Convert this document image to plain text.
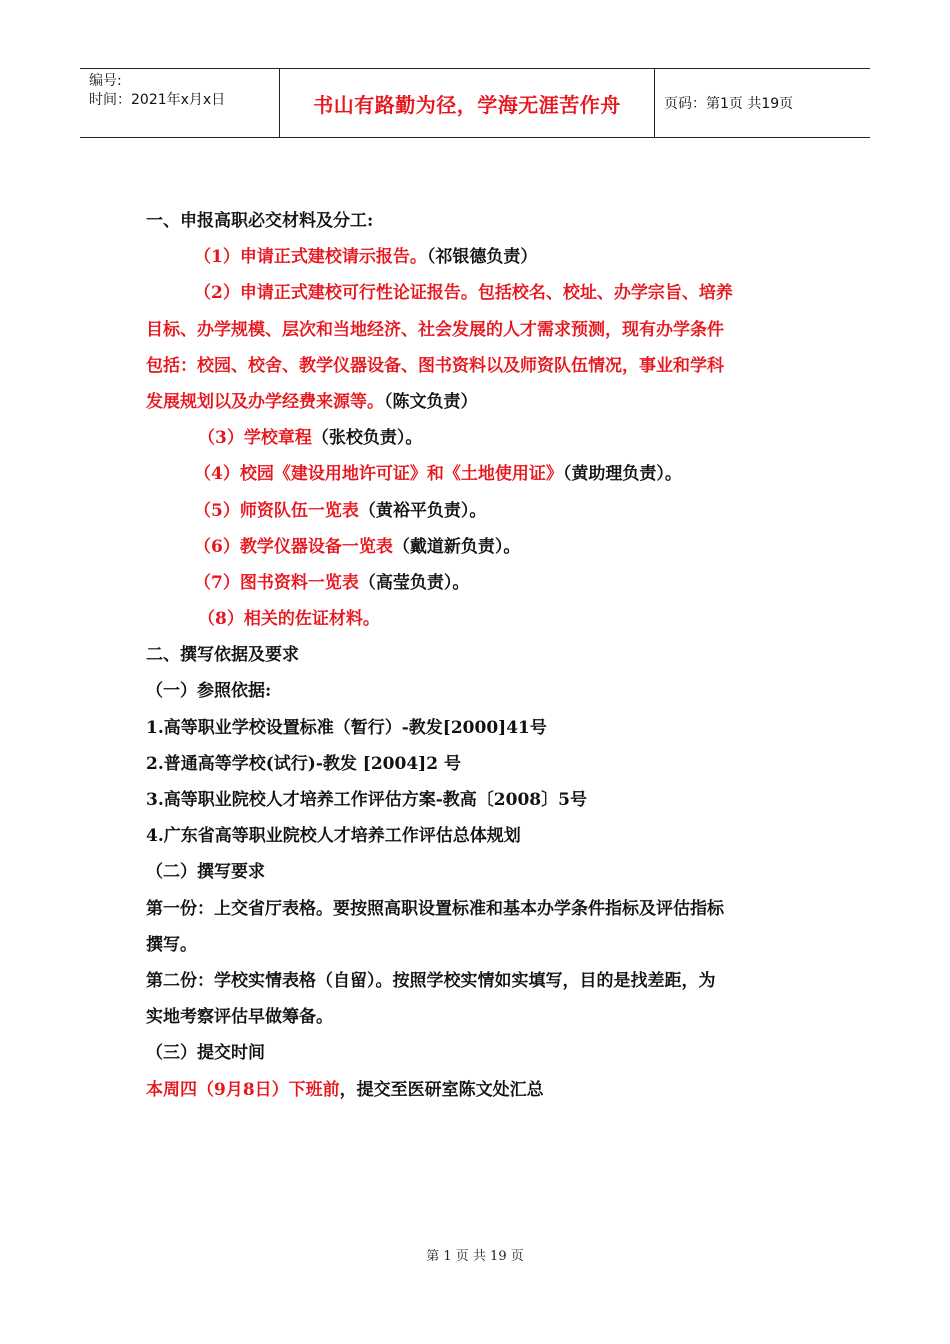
编号:
时间：2021年x月x日	书山有路勤为径，学海无涯苦作舟	页码：第1页 共19页
一、申报高职必交材料及分工:
（1）申请正式建校请示报告。（祁银德负责）
（2）申请正式建校可行性论证报告。包括校名、校址、办学宗旨、培养
目标、办学规模、层次和当地经济、社会发展的人才需求预测，现有办学条件
包括：校园、校舍、教学仪器设备、图书资料以及师资队伍情况，事业和学科
发展规划以及办学经费来源等。（陈文负责）
（3）学校章程（张校负责）。
（4）校园《建设用地许可证》和《土地使用证》（黄助理负责）。
（5）师资队伍一览表（黄裕平负责）。
（6）教学仪器设备一览表（戴道新负责）。
（7）图书资料一览表（高莹负责）。
（8）相关的佐证材料。
二、撰写依据及要求
（一）参照依据:
1.高等职业学校设置标准（暂行）-教发[2000]41号
2.普通高等学校(试行)-教发 [2004]2 号
3.高等职业院校人才培养工作评估方案-教高〔2008〕5号
4.广东省高等职业院校人才培养工作评估总体规划
（二）撰写要求
第一份：上交省厅表格。要按照高职设置标准和基本办学条件指标及评估指标
撰写。
第二份：学校实情表格（自留）。按照学校实情如实填写，目的是找差距，为
实地考察评估早做筹备。
（三）提交时间
本周四（9月8日）下班前，提交至医研室陈文处汇总
第 1 页 共 19 页
